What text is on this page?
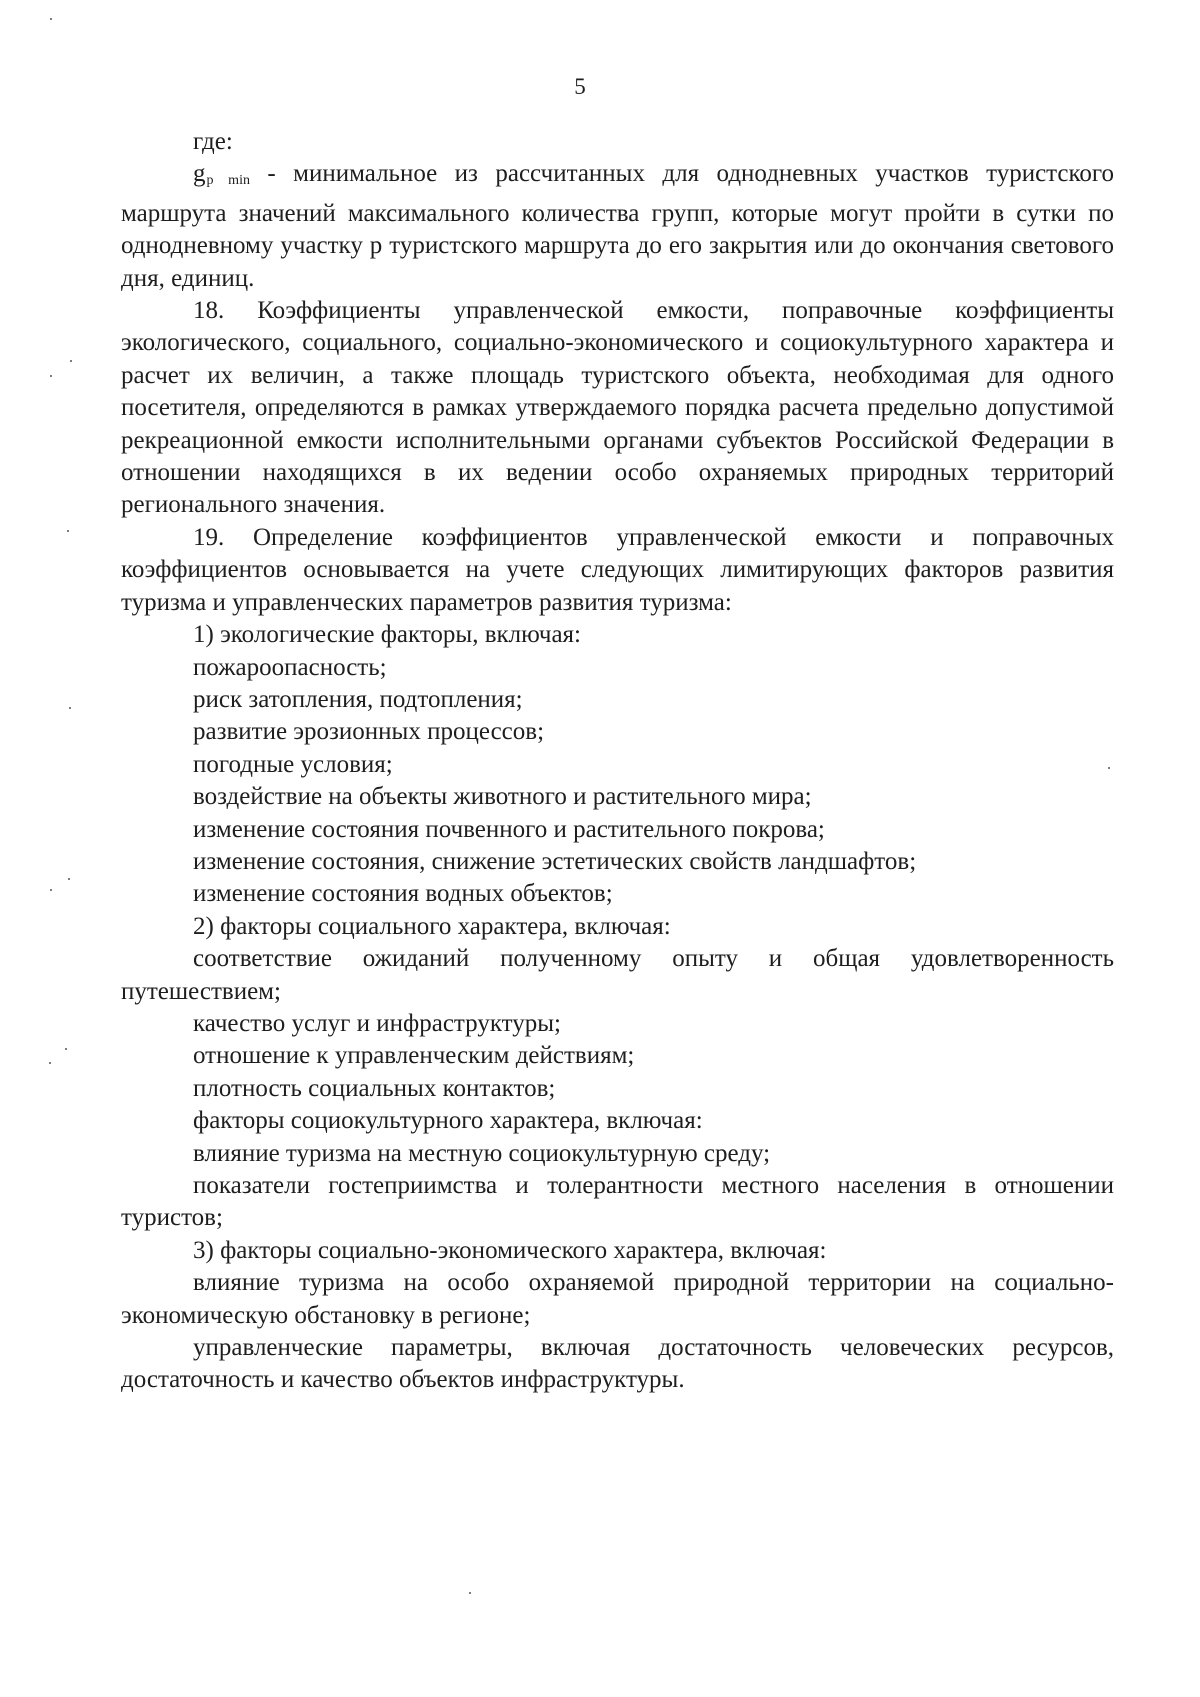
5

где:

$g_{p min}$ - минимальное из рассчитанных для однодневных участков туристского маршрута значений максимального количества групп, которые могут пройти в сутки по однодневному участку p туристского маршрута до его закрытия или до окончания светового дня, единиц.

18. Коэффициенты управленческой емкости, поправочные коэффициенты экологического, социального, социально-экономического и социокультурного характера и расчет их величин, а также площадь туристского объекта, необходимая для одного посетителя, определяются в рамках утверждаемого порядка расчета предельно допустимой рекреационной емкости исполнительными органами субъектов Российской Федерации в отношении находящихся в их ведении особо охраняемых природных территорий регионального значения.

19. Определение коэффициентов управленческой емкости и поправочных коэффициентов основывается на учете следующих лимитирующих факторов развития туризма и управленческих параметров развития туризма:

1) экологические факторы, включая:

пожароопасность;

риск затопления, подтопления;

развитие эрозионных процессов;

погодные условия;

воздействие на объекты животного и растительного мира;

изменение состояния почвенного и растительного покрова;

изменение состояния, снижение эстетических свойств ландшафтов;

изменение состояния водных объектов;

2) факторы социального характера, включая:

соответствие ожиданий полученному опыту и общая удовлетворенность путешествием;

качество услуг и инфраструктуры;

отношение к управленческим действиям;

плотность социальных контактов;

факторы социокультурного характера, включая:

влияние туризма на местную социокультурную среду;

показатели гостеприимства и толерантности местного населения в отношении туристов;

3) факторы социально-экономического характера, включая:

влияние туризма на особо охраняемой природной территории на социально-экономическую обстановку в регионе;

управленческие параметры, включая достаточность человеческих ресурсов, достаточность и качество объектов инфраструктуры.
